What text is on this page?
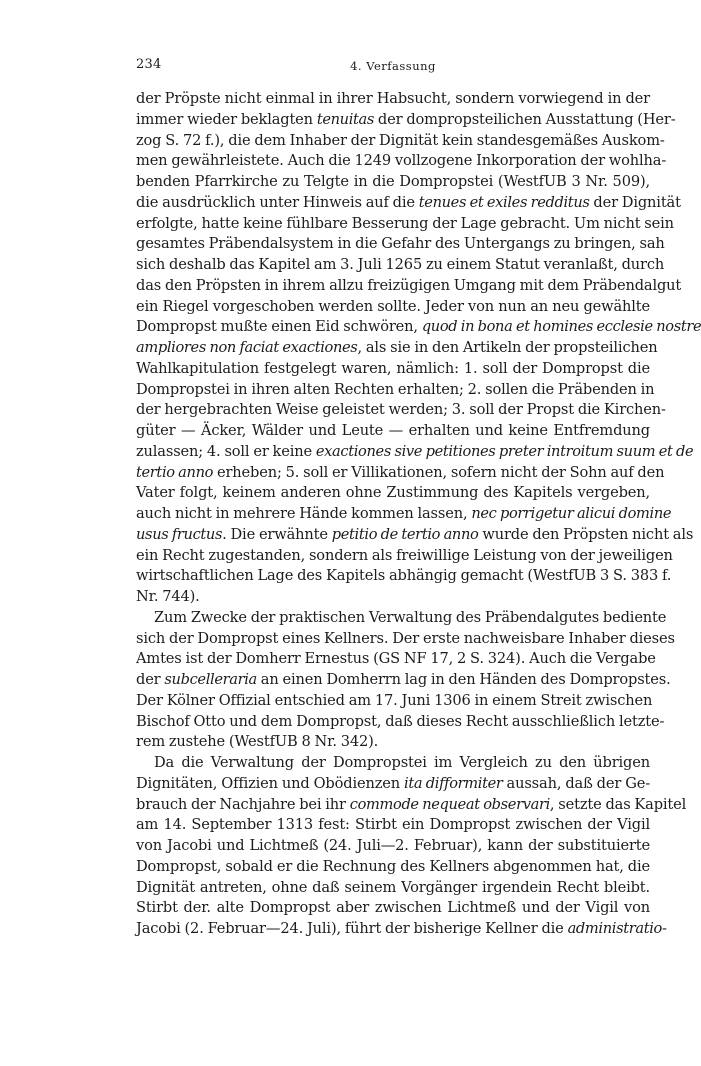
234	4. Verfassung
der Pröpste nicht einmal in ihrer Habsucht, sondern vorwiegend in der
immer wieder beklagten tenuitas der dompropsteilichen Ausstattung (Her-
zog S. 72 f.), die dem Inhaber der Dignität kein standesgemäßes Auskom-
men gewährleistete. Auch die 1249 vollzogene Inkorporation der wohlha-
benden Pfarrkirche zu Telgte in die Dompropstei (WestfUB 3 Nr. 509),
die ausdrücklich unter Hinweis auf die tenues et exiles redditus der Dignität
erfolgte, hatte keine fühlbare Besserung der Lage gebracht. Um nicht sein
gesamtes Präbendalsystem in die Gefahr des Untergangs zu bringen, sah
sich deshalb das Kapitel am 3. Juli 1265 zu einem Statut veranlaßt, durch
das den Pröpsten in ihrem allzu freizügigen Umgang mit dem Präbendalgut
ein Riegel vorgeschoben werden sollte. Jeder von nun an neu gewählte
Dompropst mußte einen Eid schwören, quod in bona et homines ecclesie nostre
ampliores non faciat exactiones, als sie in den Artikeln der propsteilichen
Wahlkapitulation festgelegt waren, nämlich: 1. soll der Dompropst die
Dompropstei in ihren alten Rechten erhalten; 2. sollen die Präbenden in
der hergebrachten Weise geleistet werden; 3. soll der Propst die Kirchen-
güter — Äcker, Wälder und Leute — erhalten und keine Entfremdung
zulassen; 4. soll er keine exactiones sive petitiones preter introitum suum et de
tertio anno erheben; 5. soll er Villikationen, sofern nicht der Sohn auf den
Vater folgt, keinem anderen ohne Zustimmung des Kapitels vergeben,
auch nicht in mehrere Hände kommen lassen, nec porrigetur alicui domine
usus fructus. Die erwähnte petitio de tertio anno wurde den Pröpsten nicht als
ein Recht zugestanden, sondern als freiwillige Leistung von der jeweiligen
wirtschaftlichen Lage des Kapitels abhängig gemacht (WestfUB 3 S. 383 f.
Nr. 744).
Zum Zwecke der praktischen Verwaltung des Präbendalgutes bediente
sich der Dompropst eines Kellners. Der erste nachweisbare Inhaber dieses
Amtes ist der Domherr Ernestus (GS NF 17, 2 S. 324). Auch die Vergabe
der subcelleraria an einen Domherrn lag in den Händen des Dompropstes.
Der Kölner Offizial entschied am 17. Juni 1306 in einem Streit zwischen
Bischof Otto und dem Dompropst, daß dieses Recht ausschließlich letzte-
rem zustehe (WestfUB 8 Nr. 342).
Da die Verwaltung der Dompropstei im Vergleich zu den übrigen
Dignitäten, Offizien und Obödienzen ita difformiter aussah, daß der Ge-
brauch der Nachjahre bei ihr commode nequeat observari, setzte das Kapitel
am 14. September 1313 fest: Stirbt ein Dompropst zwischen der Vigil
von Jacobi und Lichtmeß (24. Juli—2. Februar), kann der substituierte
Dompropst, sobald er die Rechnung des Kellners abgenommen hat, die
Dignität antreten, ohne daß seinem Vorgänger irgendein Recht bleibt.
Stirbt der. alte Dompropst aber zwischen Lichtmeß und der Vigil von
Jacobi (2. Februar—24. Juli), führt der bisherige Kellner die administratio-
